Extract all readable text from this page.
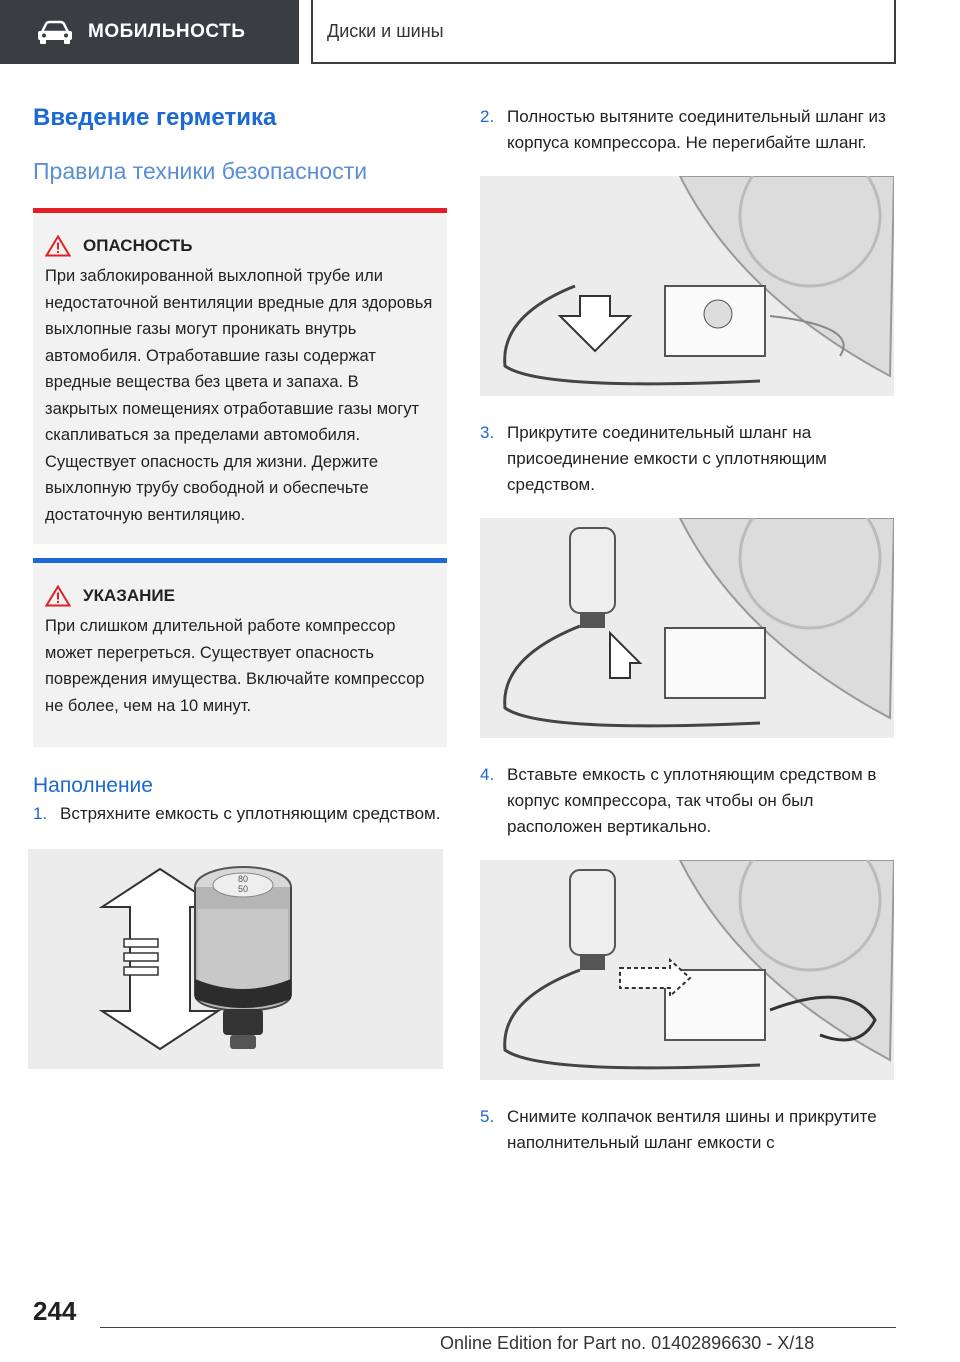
МОБИЛЬНОСТЬ	Диски и шины
Введение герметика
Правила техники безопасности
ОПАСНОСТЬ
При заблокированной выхлопной трубе или недостаточной вентиляции вредные для здоровья выхлопные газы могут проникать внутрь автомобиля. Отработавшие газы содержат вредные вещества без цвета и запаха. В закрытых помещениях отработавшие газы могут скапливаться за пределами автомобиля. Существует опасность для жизни. Держите выхлопную трубу свободной и обеспечьте достаточную вентиляцию.
УКАЗАНИЕ
При слишком длительной работе компрессор может перегреться. Существует опасность повреждения имущества. Включайте компрессор не более, чем на 10 минут.
Наполнение
1. Встряхните емкость с уплотняющим средством.
80
50
2. Полностью вытяните соединительный шланг из корпуса компрессора. Не перегибайте шланг.
3. Прикрутите соединительный шланг на присоединение емкости с уплотняющим средством.
4. Вставьте емкость с уплотняющим средством в корпус компрессора, так чтобы он был расположен вертикально.
5. Снимите колпачок вентиля шины и прикрутите наполнительный шланг емкости с
244
Online Edition for Part no. 01402896630 - X/18
